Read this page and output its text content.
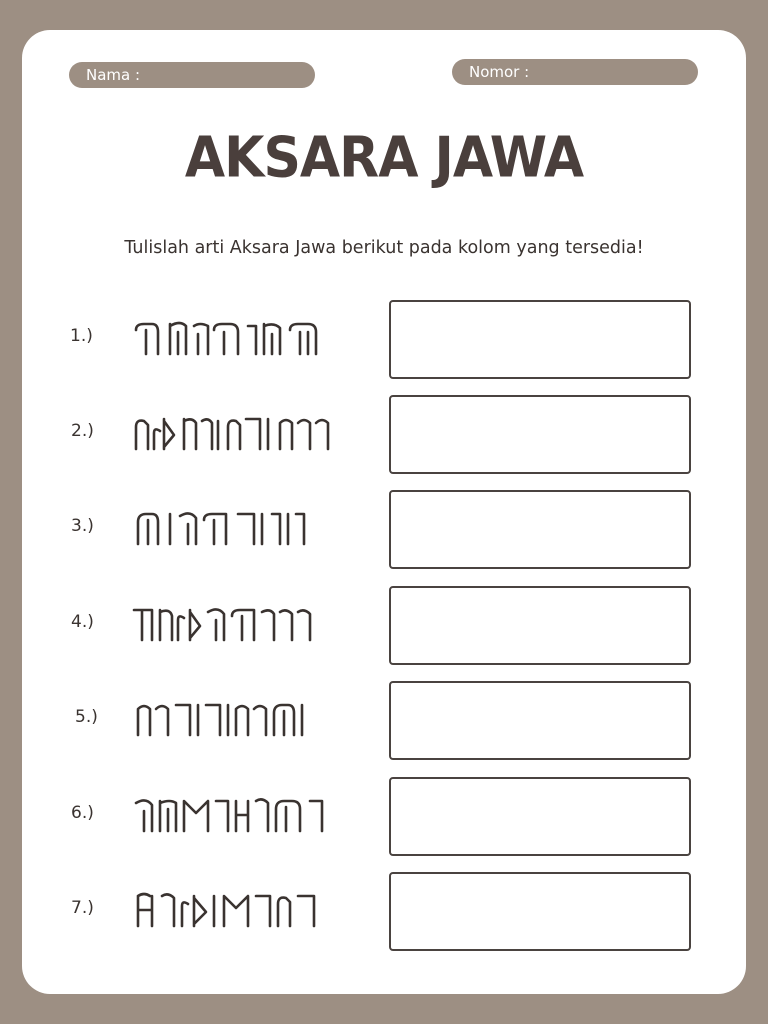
Nama :	Nomor :
AKSARA JAWA
Tulislah arti Aksara Jawa berikut pada kolom yang tersedia!
1.)
2.)
3.)
4.)
5.)
6.)
7.)
